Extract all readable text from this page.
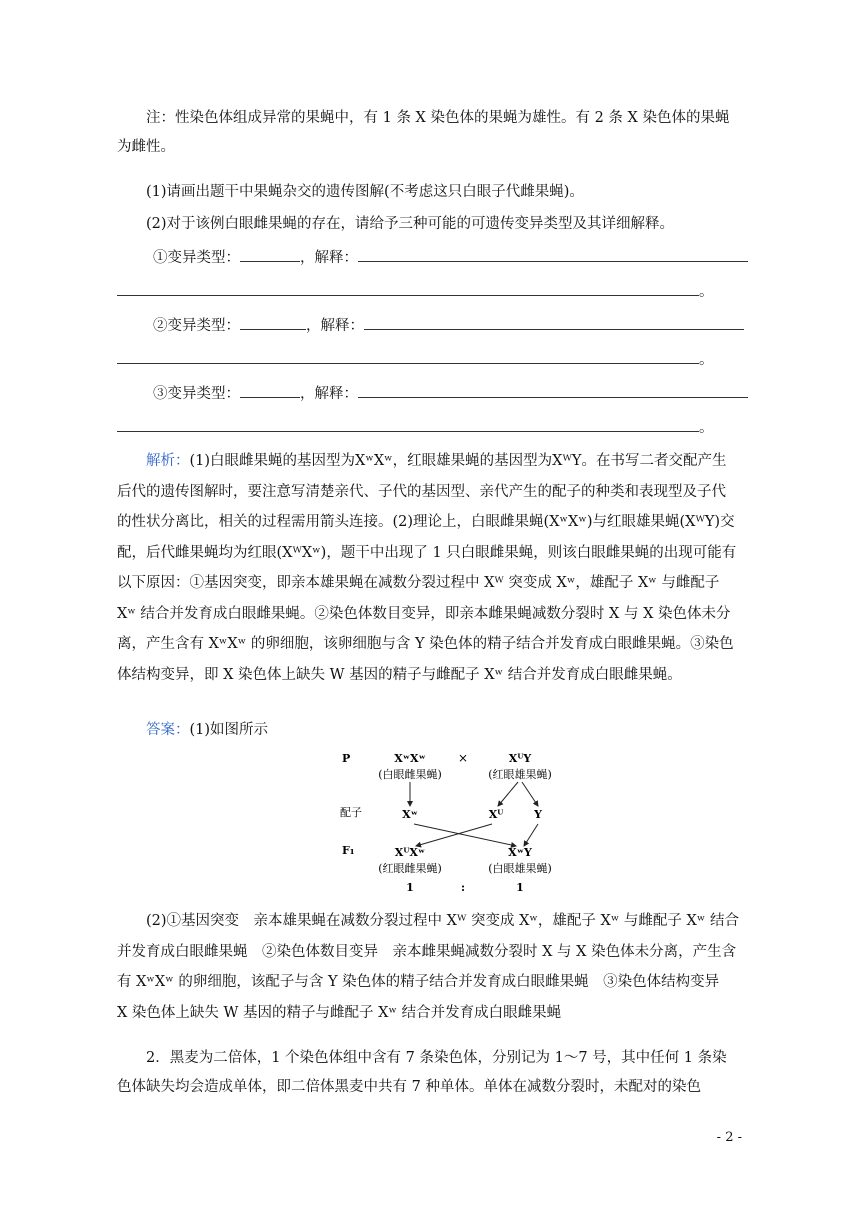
注：性染色体组成异常的果蝇中，有 1 条 X 染色体的果蝇为雄性。有 2 条 X 染色体的果蝇为雌性。
(1)请画出题干中果蝇杂交的遗传图解(不考虑这只白眼子代雌果蝇)。
(2)对于该例白眼雌果蝇的存在，请给予三种可能的可遗传变异类型及其详细解释。
①变异类型：	，解释：
。
②变异类型：	，解释：
。
③变异类型：	，解释：
。
解析：(1)白眼雌果蝇的基因型为XʷXʷ，红眼雄果蝇的基因型为XᵂY。在书写二者交配产生后代的遗传图解时，要注意写清楚亲代、子代的基因型、亲代产生的配子的种类和表现型及子代的性状分离比，相关的过程需用箭头连接。(2)理论上，白眼雌果蝇(XʷXʷ)与红眼雄果蝇(XᵂY)交配，后代雌果蝇均为红眼(XᵂXʷ)，题干中出现了 1 只白眼雌果蝇，则该白眼雌果蝇的出现可能有以下原因：①基因突变，即亲本雄果蝇在减数分裂过程中 Xᵂ 突变成 Xʷ，雄配子 Xʷ 与雌配子 Xʷ 结合并发育成白眼雌果蝇。②染色体数目变异，即亲本雌果蝇减数分裂时 X 与 X 染色体未分离，产生含有 XʷXʷ 的卵细胞，该卵细胞与含 Y 染色体的精子结合并发育成白眼雌果蝇。③染色体结构变异，即 X 染色体上缺失 W 基因的精子与雌配子 Xʷ 结合并发育成白眼雌果蝇。
答案：(1)如图所示
P	XʷXʷ
(白眼雌果蝇)
×	XᵂY
(红眼雄果蝇)
配子	Xʷ	Xᵂ	Y
F₁	XᵂXʷ
(红眼雌果蝇)
XʷY
(白眼雄果蝇)
1	:	1
(2)①基因突变　亲本雄果蝇在减数分裂过程中 Xᵂ 突变成 Xʷ，雄配子 Xʷ 与雌配子 Xʷ 结合并发育成白眼雌果蝇　②染色体数目变异　亲本雌果蝇减数分裂时 X 与 X 染色体未分离，产生含有 XʷXʷ 的卵细胞，该配子与含 Y 染色体的精子结合并发育成白眼雌果蝇　③染色体结构变异　X 染色体上缺失 W 基因的精子与雌配子 Xʷ 结合并发育成白眼雌果蝇
2．黑麦为二倍体，1 个染色体组中含有 7 条染色体，分别记为 1～7 号，其中任何 1 条染色体缺失均会造成单体，即二倍体黑麦中共有 7 种单体。单体在减数分裂时，未配对的染色
- 2 -
